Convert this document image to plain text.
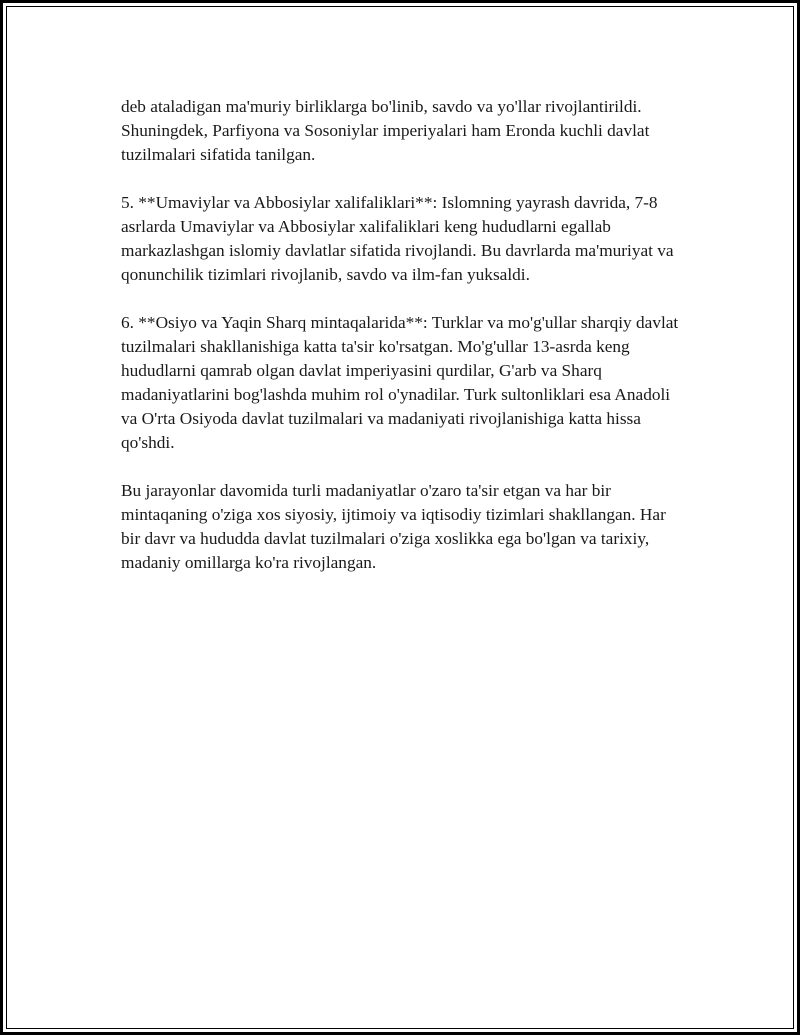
deb ataladigan ma'muriy birliklarga bo'linib, savdo va yo'llar rivojlantirildi. Shuningdek, Parfiyona va Sosoniylar imperiyalari ham Eronda kuchli davlat tuzilmalari sifatida tanilgan.

5. **Umaviylar va Abbosiylar xalifaliklari**: Islomning yayrash davrida, 7-8 asrlarda Umaviylar va Abbosiylar xalifaliklari keng hududlarni egallab markazlashgan islomiy davlatlar sifatida rivojlandi. Bu davrlarda ma'muriyat va qonunchilik tizimlari rivojlanib, savdo va ilm-fan yuksaldi.

6. **Osiyo va Yaqin Sharq mintaqalarida**: Turklar va mo'g'ullar sharqiy davlat tuzilmalari shakllanishiga katta ta'sir ko'rsatgan. Mo'g'ullar 13-asrda keng hududlarni qamrab olgan davlat imperiyasini qurdilar, G'arb va Sharq madaniyatlarini bog'lashda muhim rol o'ynadilar. Turk sultonliklari esa Anadoli va O'rta Osiyoda davlat tuzilmalari va madaniyati rivojlanishiga katta hissa qo'shdi.

Bu jarayonlar davomida turli madaniyatlar o'zaro ta'sir etgan va har bir mintaqaning o'ziga xos siyosiy, ijtimoiy va iqtisodiy tizimlari shakllangan. Har bir davr va hududda davlat tuzilmalari o'ziga xoslikka ega bo'lgan va tarixiy, madaniy omillarga ko'ra rivojlangan.
